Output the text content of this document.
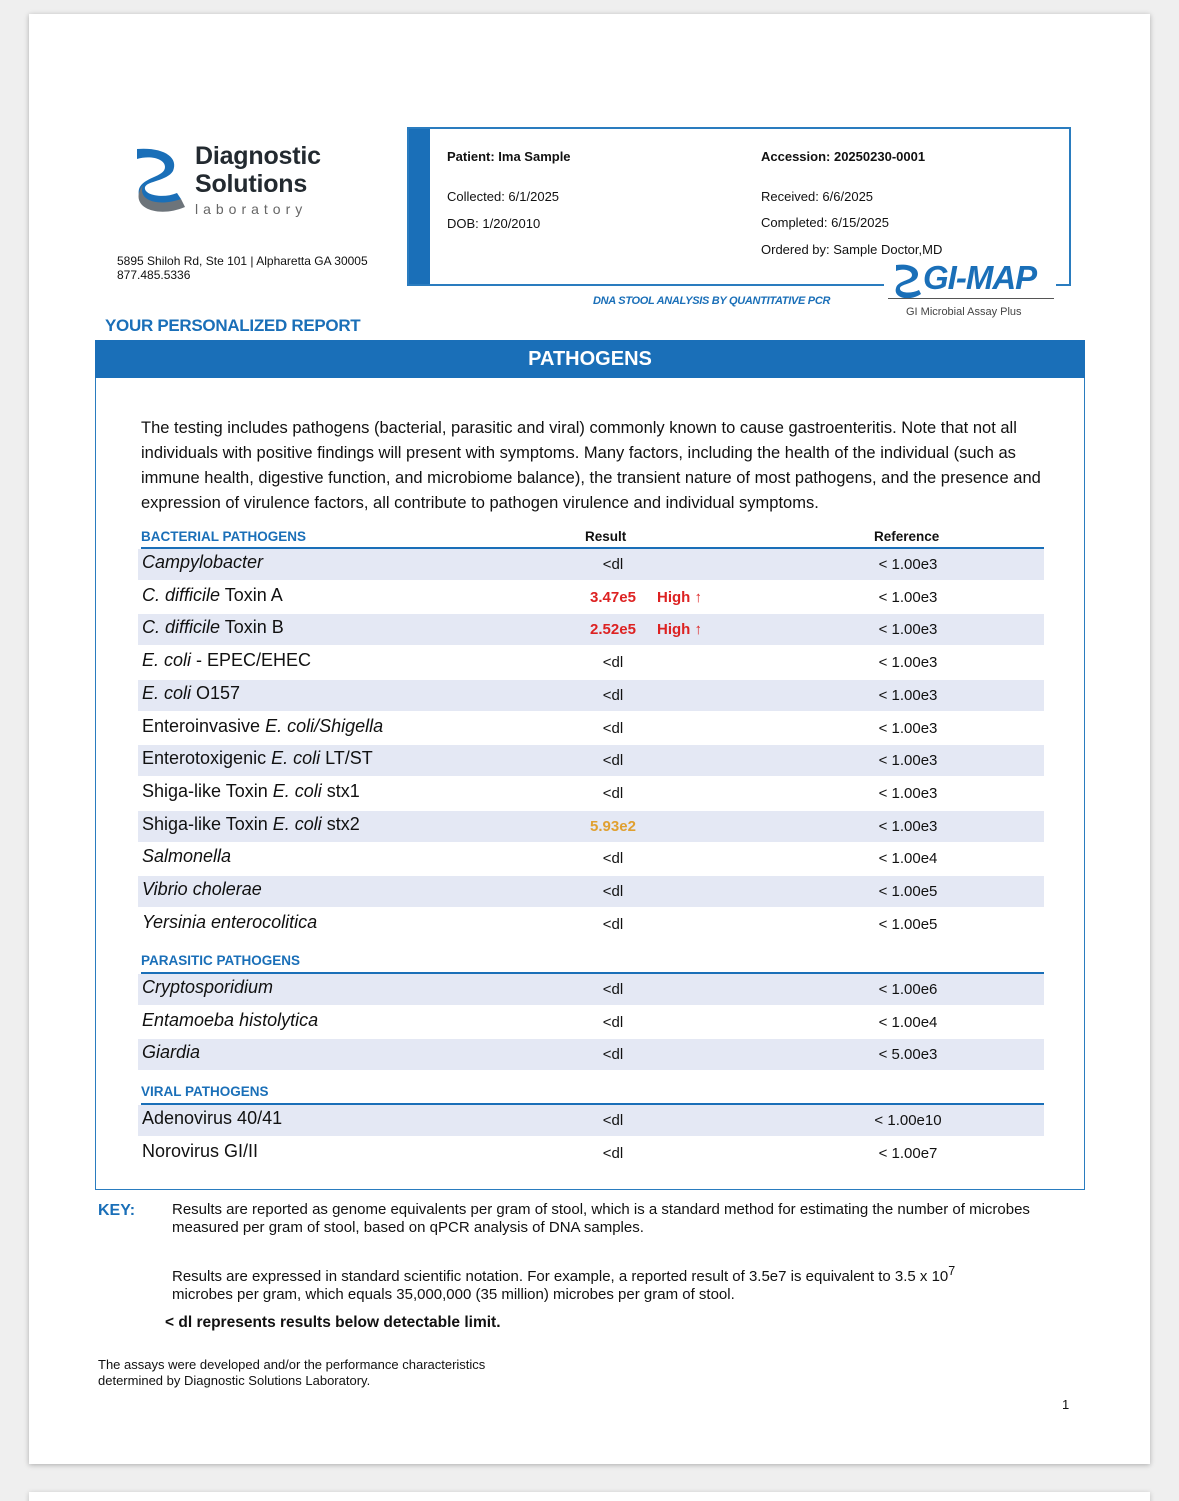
Diagnostic
Solutions
laboratory
5895 Shiloh Rd, Ste 101 | Alpharetta GA 30005
877.485.5336
Patient: Ima Sample
Collected: 6/1/2025
DOB: 1/20/2010
Accession: 20250230-0001
Received: 6/6/2025
Completed: 6/15/2025
Ordered by: Sample Doctor,MD
GI-MAP
GI Microbial Assay Plus
DNA STOOL ANALYSIS BY QUANTITATIVE PCR
YOUR PERSONALIZED REPORT
PATHOGENS
The testing includes pathogens (bacterial, parasitic and viral) commonly known to cause gastroenteritis. Note that not all individuals with positive findings will present with symptoms. Many factors, including the health of the individual (such as immune health, digestive function, and microbiome balance), the transient nature of most pathogens, and the presence and expression of virulence factors, all contribute to pathogen virulence and individual symptoms.
BACTERIAL PATHOGENS	Result	Reference
Campylobacter	<dl	< 1.00e3
C. difficile Toxin A	3.47e5	High ↑	< 1.00e3
C. difficile Toxin B	2.52e5	High ↑	< 1.00e3
E. coli - EPEC/EHEC	<dl	< 1.00e3
E. coli O157	<dl	< 1.00e3
Enteroinvasive E. coli/Shigella	<dl	< 1.00e3
Enterotoxigenic E. coli LT/ST	<dl	< 1.00e3
Shiga-like Toxin E. coli stx1	<dl	< 1.00e3
Shiga-like Toxin E. coli stx2	5.93e2	< 1.00e3
Salmonella	<dl	< 1.00e4
Vibrio cholerae	<dl	< 1.00e5
Yersinia enterocolitica	<dl	< 1.00e5
PARASITIC PATHOGENS
Cryptosporidium	<dl	< 1.00e6
Entamoeba histolytica	<dl	< 1.00e4
Giardia	<dl	< 5.00e3
VIRAL PATHOGENS
Adenovirus 40/41	<dl	< 1.00e10
Norovirus GI/II	<dl	< 1.00e7
KEY: Results are reported as genome equivalents per gram of stool, which is a standard method for estimating the number of microbes measured per gram of stool, based on qPCR analysis of DNA samples.
Results are expressed in standard scientific notation. For example, a reported result of 3.5e7 is equivalent to 3.5 x $10^7$
microbes per gram, which equals 35,000,000 (35 million) microbes per gram of stool.
< dl represents results below detectable limit.
The assays were developed and/or the performance characteristics
determined by Diagnostic Solutions Laboratory.
1
